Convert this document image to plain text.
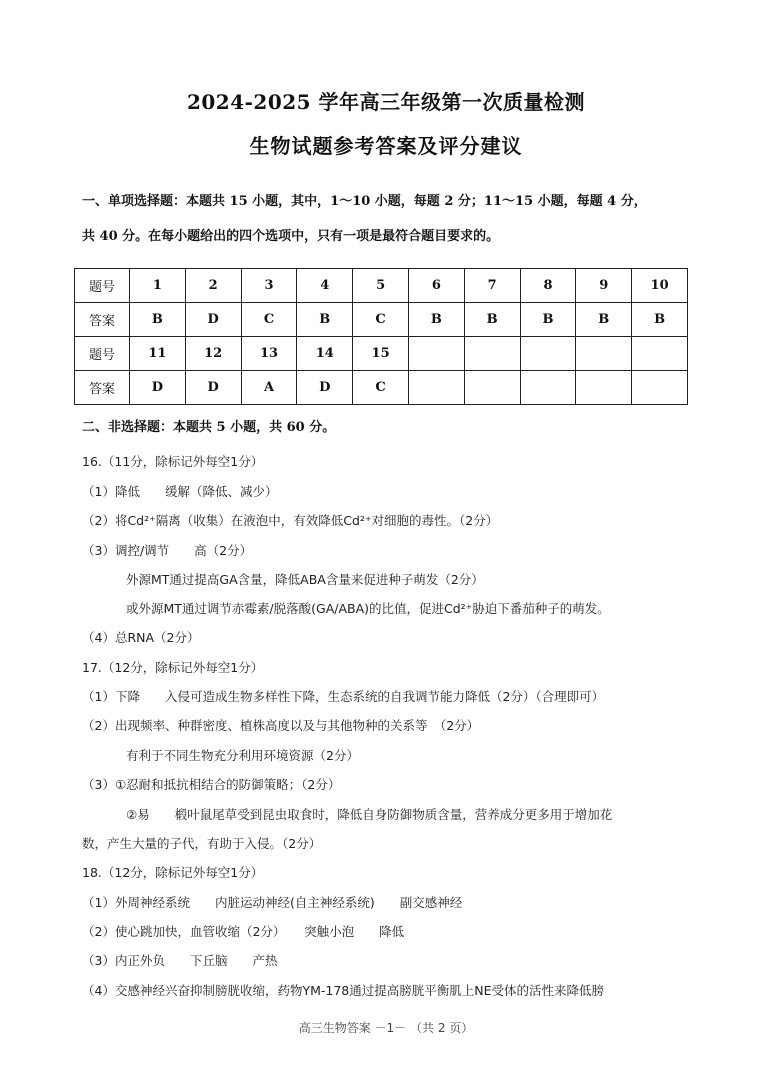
2024-2025 学年高三年级第一次质量检测
生物试题参考答案及评分建议
一、单项选择题：本题共 15 小题，其中，1～10 小题，每题 2 分；11～15 小题，每题 4 分，
共 40 分。在每小题给出的四个选项中，只有一项是最符合题目要求的。
题号	1	2	3	4	5	6	7	8	9	10
答案	B	D	C	B	C	B	B	B	B	B
题号	11	12	13	14	15					
答案	D	D	A	D	C					
二、非选择题：本题共 5 小题，共 60 分。
16.（11分，除标记外每空1分）
（1）降低　　缓解（降低、减少）
（2）将Cd²⁺隔离（收集）在液泡中，有效降低Cd²⁺对细胞的毒性。（2分）
（3）调控/调节　　高（2分）
外源MT通过提高GA含量，降低ABA含量来促进种子萌发（2分）
或外源MT通过调节赤霉素/脱落酸(GA/ABA)的比值，促进Cd²⁺胁迫下番茄种子的萌发。
（4）总RNA（2分）
17.（12分，除标记外每空1分）
（1）下降　　入侵可造成生物多样性下降，生态系统的自我调节能力降低（2分）（合理即可）
（2）出现频率、种群密度、植株高度以及与其他物种的关系等　（2分）
有利于不同生物充分利用环境资源（2分）
（3）①忍耐和抵抗相结合的防御策略；（2分）
②易　　椴叶鼠尾草受到昆虫取食时，降低自身防御物质含量，营养成分更多用于增加花
数，产生大量的子代，有助于入侵。（2分）
18.（12分，除标记外每空1分）
（1）外周神经系统　　内脏运动神经(自主神经系统)　　副交感神经
（2）使心跳加快，血管收缩（2分）　　突触小泡　　降低
（3）内正外负　　下丘脑　　产热
（4）交感神经兴奋抑制膀胱收缩，药物YM-178通过提高膀胱平衡肌上NE受体的活性来降低膀
高三生物答案 －1－ （共 2 页）
